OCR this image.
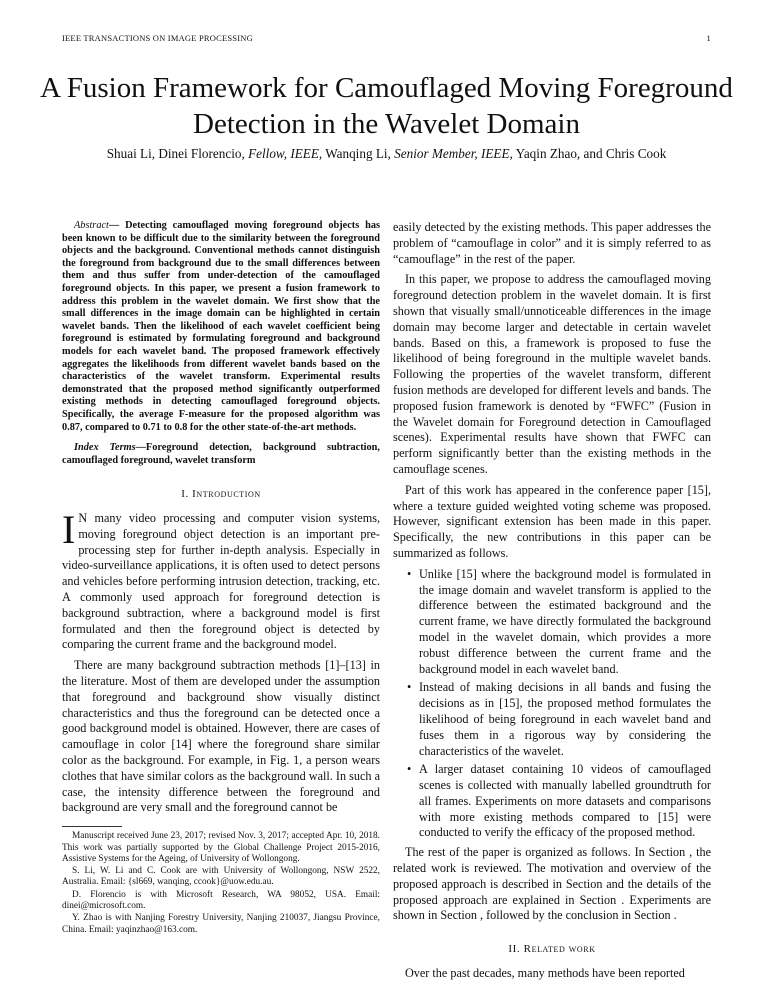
IEEE TRANSACTIONS ON IMAGE PROCESSING	1
A Fusion Framework for Camouflaged Moving Foreground Detection in the Wavelet Domain
Shuai Li, Dinei Florencio, Fellow, IEEE, Wanqing Li, Senior Member, IEEE, Yaqin Zhao, and Chris Cook

Abstract— Detecting camouflaged moving foreground objects has been known to be difficult due to the similarity between the foreground objects and the background. Conventional methods cannot distinguish the foreground from background due to the small differences between them and thus suffer from under-detection of the camouflaged foreground objects. In this paper, we present a fusion framework to address this problem in the wavelet domain. We first show that the small differences in the image domain can be highlighted in certain wavelet bands. Then the likelihood of each wavelet coefficient being foreground is estimated by formulating foreground and background models for each wavelet band. The proposed framework effectively aggregates the likelihoods from different wavelet bands based on the characteristics of the wavelet transform. Experimental results demonstrated that the proposed method significantly outperformed existing methods in detecting camouflaged foreground objects. Specifically, the average F-measure for the proposed algorithm was 0.87, compared to 0.71 to 0.8 for the other state-of-the-art methods.

Index Terms—Foreground detection, background subtraction, camouflaged foreground, wavelet transform

I. Introduction

I N many video processing and computer vision systems, moving foreground object detection is an important pre-processing step for further in-depth analysis. Especially in video-surveillance applications, it is often used to detect persons and vehicles before performing intrusion detection, tracking, etc. A commonly used approach for foreground detection is background subtraction, where a background model is first formulated and then the foreground object is detected by comparing the current frame and the background model.

There are many background subtraction methods [1]–[13] in the literature. Most of them are developed under the assumption that foreground and background show visually distinct characteristics and thus the foreground can be detected once a good background model is obtained. However, there are cases of camouflage in color [14] where the foreground share similar color as the background. For example, in Fig. 1, a person wears clothes that have similar colors as the background wall. In such a case, the intensity difference between the foreground and background are very small and the foreground cannot be

Manuscript received June 23, 2017; revised Nov. 3, 2017; accepted Apr. 10, 2018. This work was partially supported by the Global Challenge Project 2015-2016, Assistive Systems for the Ageing, of University of Wollongong.

S. Li, W. Li and C. Cook are with University of Wollongong, NSW 2522, Australia. Email: {sl669, wanqing, ccook}@uow.edu.au.

D. Florencio is with Microsoft Research, WA 98052, USA. Email: dinei@microsoft.com.

Y. Zhao is with Nanjing Forestry University, Nanjing 210037, Jiangsu Province, China. Email: yaqinzhao@163.com.

easily detected by the existing methods. This paper addresses the problem of “camouflage in color” and it is simply referred to as “camouflage” in the rest of the paper.

In this paper, we propose to address the camouflaged moving foreground detection problem in the wavelet domain. It is first shown that visually small/unnoticeable differences in the image domain may become larger and detectable in certain wavelet bands. Based on this, a framework is proposed to fuse the likelihood of being foreground in the multiple wavelet bands. Following the properties of the wavelet transform, different fusion methods are developed for different levels and bands. The proposed fusion framework is denoted by “FWFC” (Fusion in the Wavelet domain for Foreground detection in Camouflaged scenes). Experimental results have shown that FWFC can perform significantly better than the existing methods in the camouflage scenes.

Part of this work has appeared in the conference paper [15], where a texture guided weighted voting scheme was proposed. However, significant extension has been made in this paper. Specifically, the new contributions in this paper can be summarized as follows.

• Unlike [15] where the background model is formulated in the image domain and wavelet transform is applied to the difference between the estimated background and the current frame, we have directly formulated the background model in the wavelet domain, which provides a more robust difference between the current frame and the background model in each wavelet band.
• Instead of making decisions in all bands and fusing the decisions as in [15], the proposed method formulates the likelihood of being foreground in each wavelet band and fuses them in a rigorous way by considering the characteristics of the wavelet.
• A larger dataset containing 10 videos of camouflaged scenes is collected with manually labelled groundtruth for all frames. Experiments on more datasets and comparisons with more existing methods compared to [15] were conducted to verify the efficacy of the proposed method.

The rest of the paper is organized as follows. In Section , the related work is reviewed. The motivation and overview of the proposed approach is described in Section and the details of the proposed approach are explained in Section . Experiments are shown in Section , followed by the conclusion in Section .

II. Related work

Over the past decades, many methods have been reported
